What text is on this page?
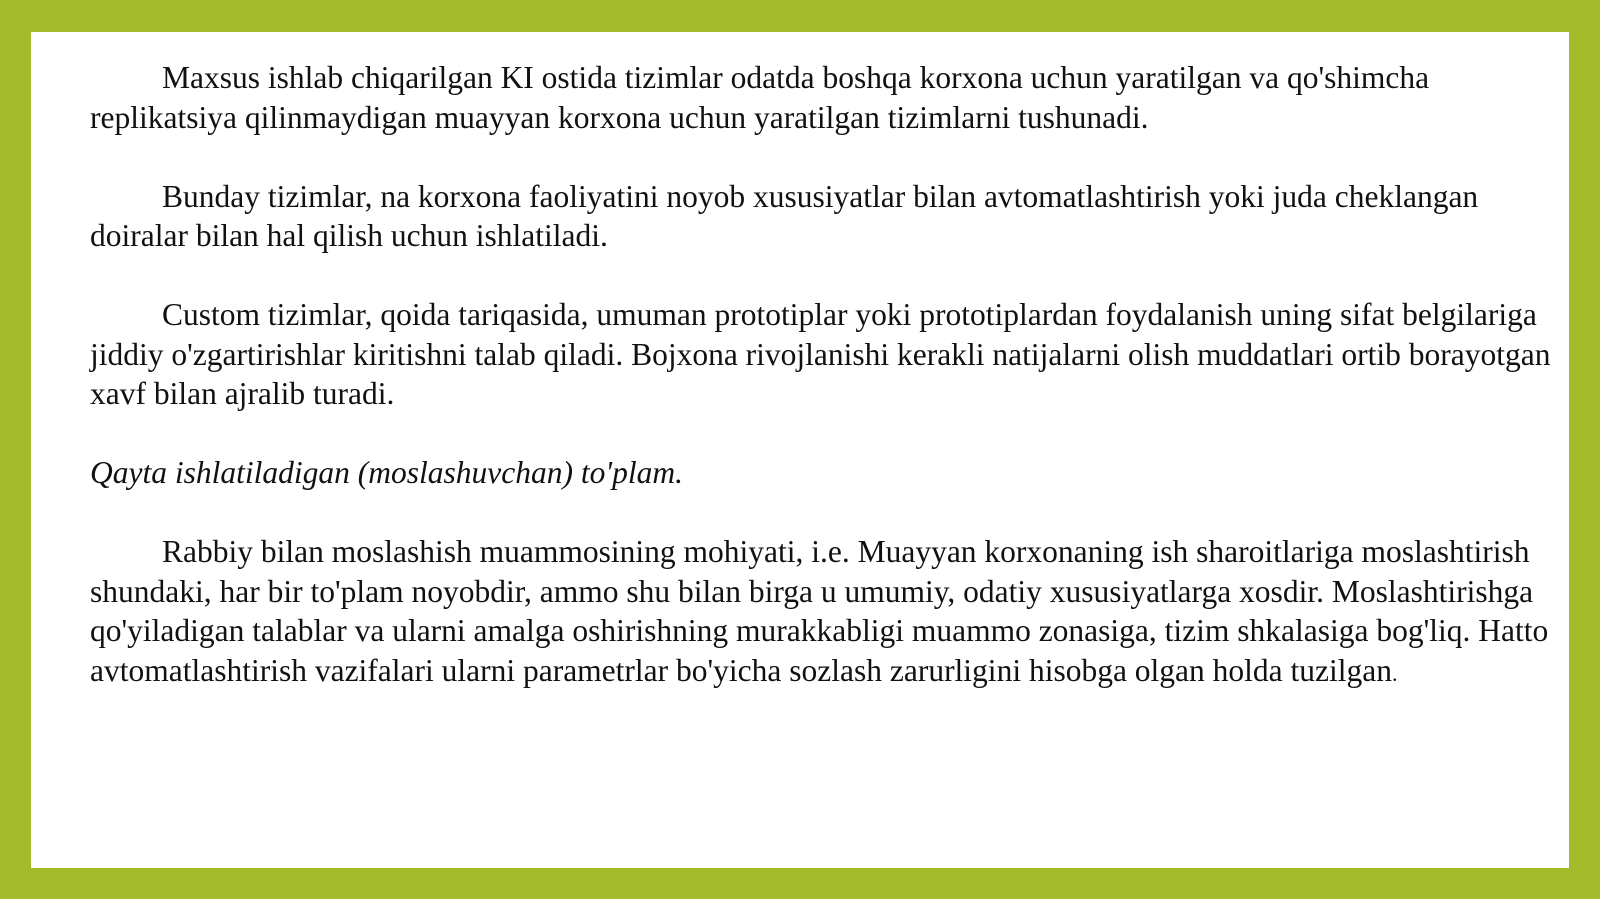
Maxsus ishlab chiqarilgan KI ostida tizimlar odatda boshqa korxona uchun yaratilgan va qo'shimcha replikatsiya qilinmaydigan muayyan korxona uchun yaratilgan tizimlarni tushunadi.

Bunday tizimlar, na korxona faoliyatini noyob xususiyatlar bilan avtomatlashtirish yoki juda cheklangan doiralar bilan hal qilish uchun ishlatiladi.

Custom tizimlar, qoida tariqasida, umuman prototiplar yoki prototiplardan foydalanish uning sifat belgilariga jiddiy o'zgartirishlar kiritishni talab qiladi. Bojxona rivojlanishi kerakli natijalarni olish muddatlari ortib borayotgan xavf bilan ajralib turadi.

Qayta ishlatiladigan (moslashuvchan) to'plam.

Rabbiy bilan moslashish muammosining mohiyati, i.e. Muayyan korxonaning ish sharoitlariga moslashtirish shundaki, har bir to'plam noyobdir, ammo shu bilan birga u umumiy, odatiy xususiyatlarga xosdir. Moslashtirishga qo'yiladigan talablar va ularni amalga oshirishning murakkabligi muammo zonasiga, tizim shkalasiga bog'liq. Hatto avtomatlashtirish vazifalari ularni parametrlar bo'yicha sozlash zarurligini hisobga olgan holda tuzilgan.
